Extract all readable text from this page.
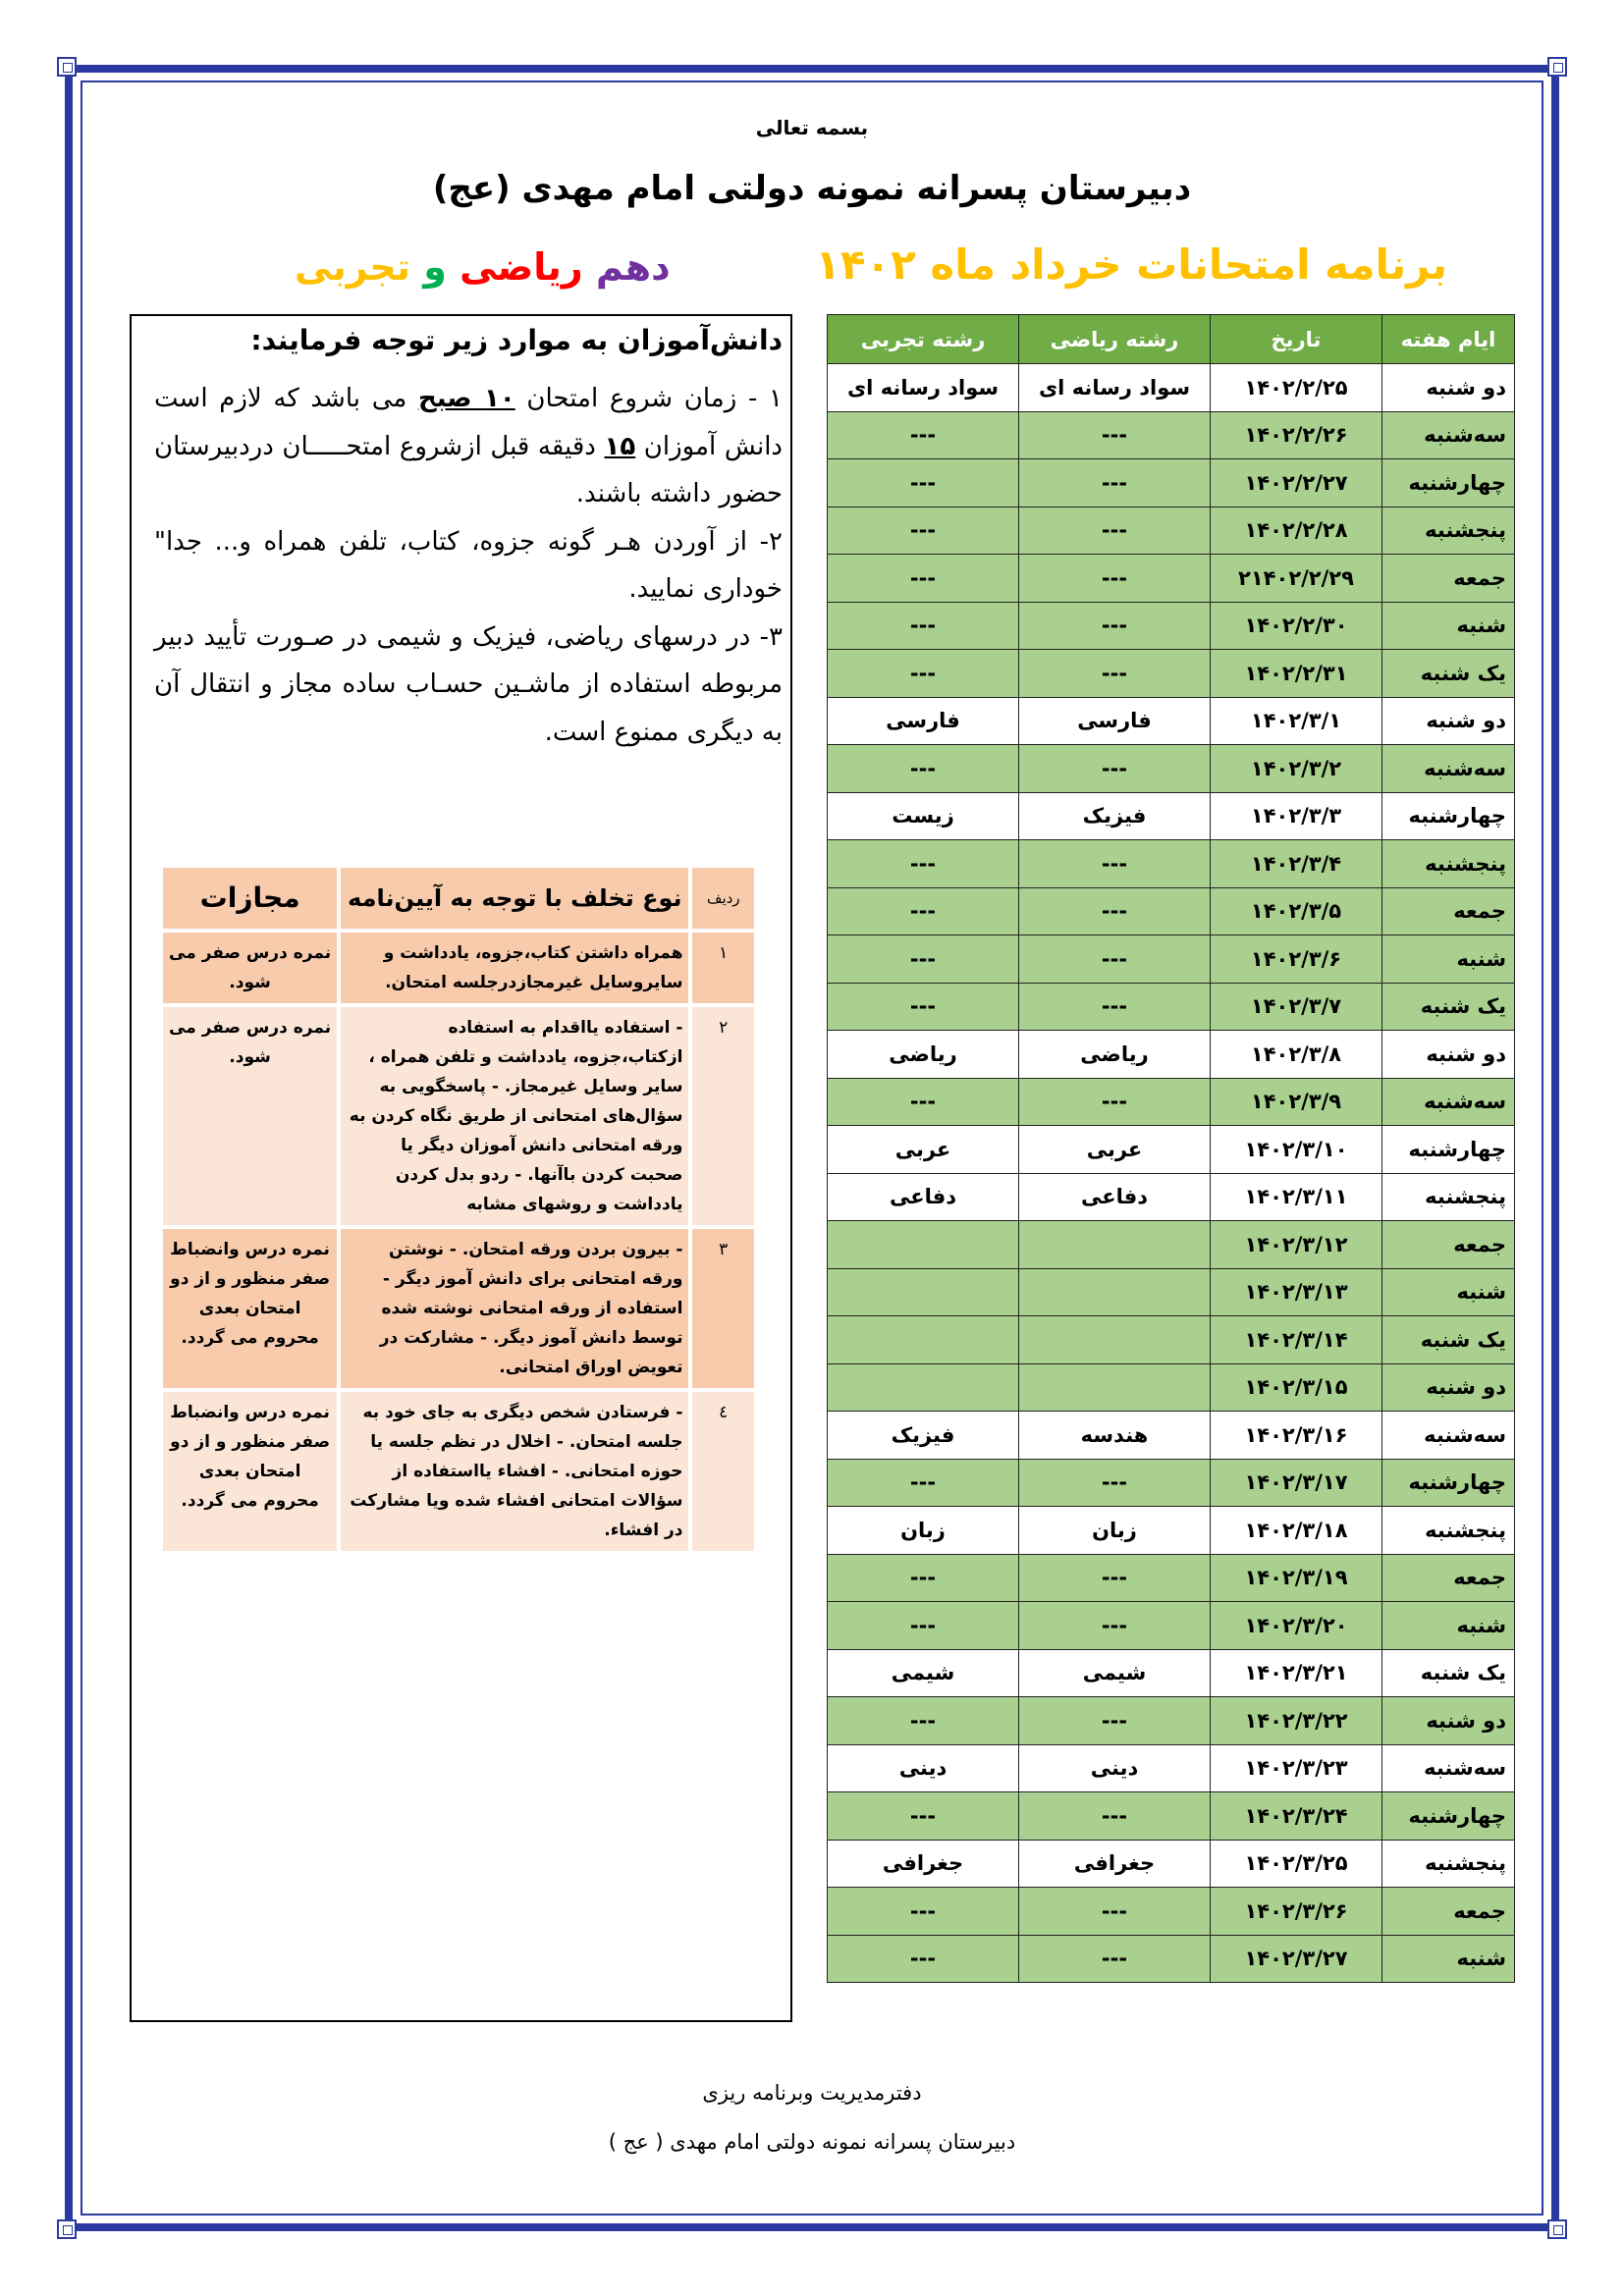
بسمه تعالی
دبیرستان پسرانه نمونه دولتی امام مهدی (عج)
برنامه امتحانات خرداد ماه ۱۴۰۲
دهم ریاضی و تجربی
ایام هفته	تاریخ	رشته ریاضی	رشته تجربی
دو شنبه	۱۴۰۲/۲/۲۵	سواد رسانه ای	سواد رسانه ای
سه‌شنبه	۱۴۰۲/۲/۲۶	---	---
چهارشنبه	۱۴۰۲/۲/۲۷	---	---
پنجشنبه	۱۴۰۲/۲/۲۸	---	---
جمعه	۲۱۴۰۲/۲/۲۹	---	---
شنبه	۱۴۰۲/۲/۳۰	---	---
یک شنبه	۱۴۰۲/۲/۳۱	---	---
دو شنبه	۱۴۰۲/۳/۱	فارسی	فارسی
سه‌شنبه	۱۴۰۲/۳/۲	---	---
چهارشنبه	۱۴۰۲/۳/۳	فیزیک	زیست
پنجشنبه	۱۴۰۲/۳/۴	---	---
جمعه	۱۴۰۲/۳/۵	---	---
شنبه	۱۴۰۲/۳/۶	---	---
یک شنبه	۱۴۰۲/۳/۷	---	---
دو شنبه	۱۴۰۲/۳/۸	ریاضی	ریاضی
سه‌شنبه	۱۴۰۲/۳/۹	---	---
چهارشنبه	۱۴۰۲/۳/۱۰	عربی	عربی
پنجشنبه	۱۴۰۲/۳/۱۱	دفاعی	دفاعی
جمعه	۱۴۰۲/۳/۱۲		
شنبه	۱۴۰۲/۳/۱۳		
یک شنبه	۱۴۰۲/۳/۱۴		
دو شنبه	۱۴۰۲/۳/۱۵		
سه‌شنبه	۱۴۰۲/۳/۱۶	هندسه	فیزیک
چهارشنبه	۱۴۰۲/۳/۱۷	---	---
پنجشنبه	۱۴۰۲/۳/۱۸	زبان	زبان
جمعه	۱۴۰۲/۳/۱۹	---	---
شنبه	۱۴۰۲/۳/۲۰	---	---
یک شنبه	۱۴۰۲/۳/۲۱	شیمی	شیمی
دو شنبه	۱۴۰۲/۳/۲۲	---	---
سه‌شنبه	۱۴۰۲/۳/۲۳	دینی	دینی
چهارشنبه	۱۴۰۲/۳/۲۴	---	---
پنجشنبه	۱۴۰۲/۳/۲۵	جغرافی	جغرافی
جمعه	۱۴۰۲/۳/۲۶	---	---
شنبه	۱۴۰۲/۳/۲۷	---	---
دانش‌آموزان به موارد زیر توجه فرمایند:

۱ - زمان شروع امتحان ۱۰ صبح می باشد که لازم است دانش آموزان ۱۵ دقیقه قبل ازشروع امتحـــــان دردبیرستان حضور داشته باشند.

۲- از آوردن هـر گونه جزوه، کتاب، تلفن همراه و... جدا" خوداری نمایید.

۳- در درسهای ریاضی، فیزیک و شیمی در صـورت تأیید دبیر مربوطه استفاده از ماشـین حسـاب ساده مجاز و انتقال آن به دیگری ممنوع است.

ردیف	نوع تخلف با توجه به آیین‌نامه	مجازات
۱	همراه داشتن کتاب،جزوه، یادداشت و سایروسایل غیرمجازدرجلسه امتحان.	نمره درس صفر می شود.
۲	- استفاده یااقدام به استفاده ازکتاب،جزوه، یادداشت و تلفن همراه ، سایر وسایل غیرمجاز. - پاسخگویی به سؤال‌های امتحانی از طریق نگاه کردن به ورقه امتحانی دانش آموزان دیگر یا صحبت کردن باآنها. - ردو بدل کردن یادداشت و روشهای مشابه	نمره درس صفر می شود.
۳	- بیرون بردن ورقه امتحان. - نوشتن ورقه امتحانی برای دانش آموز دیگر - استفاده از ورقه امتحانی نوشته شده توسط دانش آموز دیگر. - مشارکت در تعویض اوراق امتحانی.	نمره درس وانضباط صفر منظور و از دو امتحان بعدی محروم می گردد.
٤	- فرستادن شخص دیگری به جای خود به جلسه امتحان. - اخلال در نظم جلسه یا حوزه امتحانی. - افشاء یااستفاده از سؤالات امتحانی افشاء شده ویا مشارکت در افشاء.	نمره درس وانضباط صفر منظور و از دو امتحان بعدی محروم می گردد.
دفترمدیریت وبرنامه ریزی
دبیرستان پسرانه نمونه دولتی امام مهدی ( عج )
